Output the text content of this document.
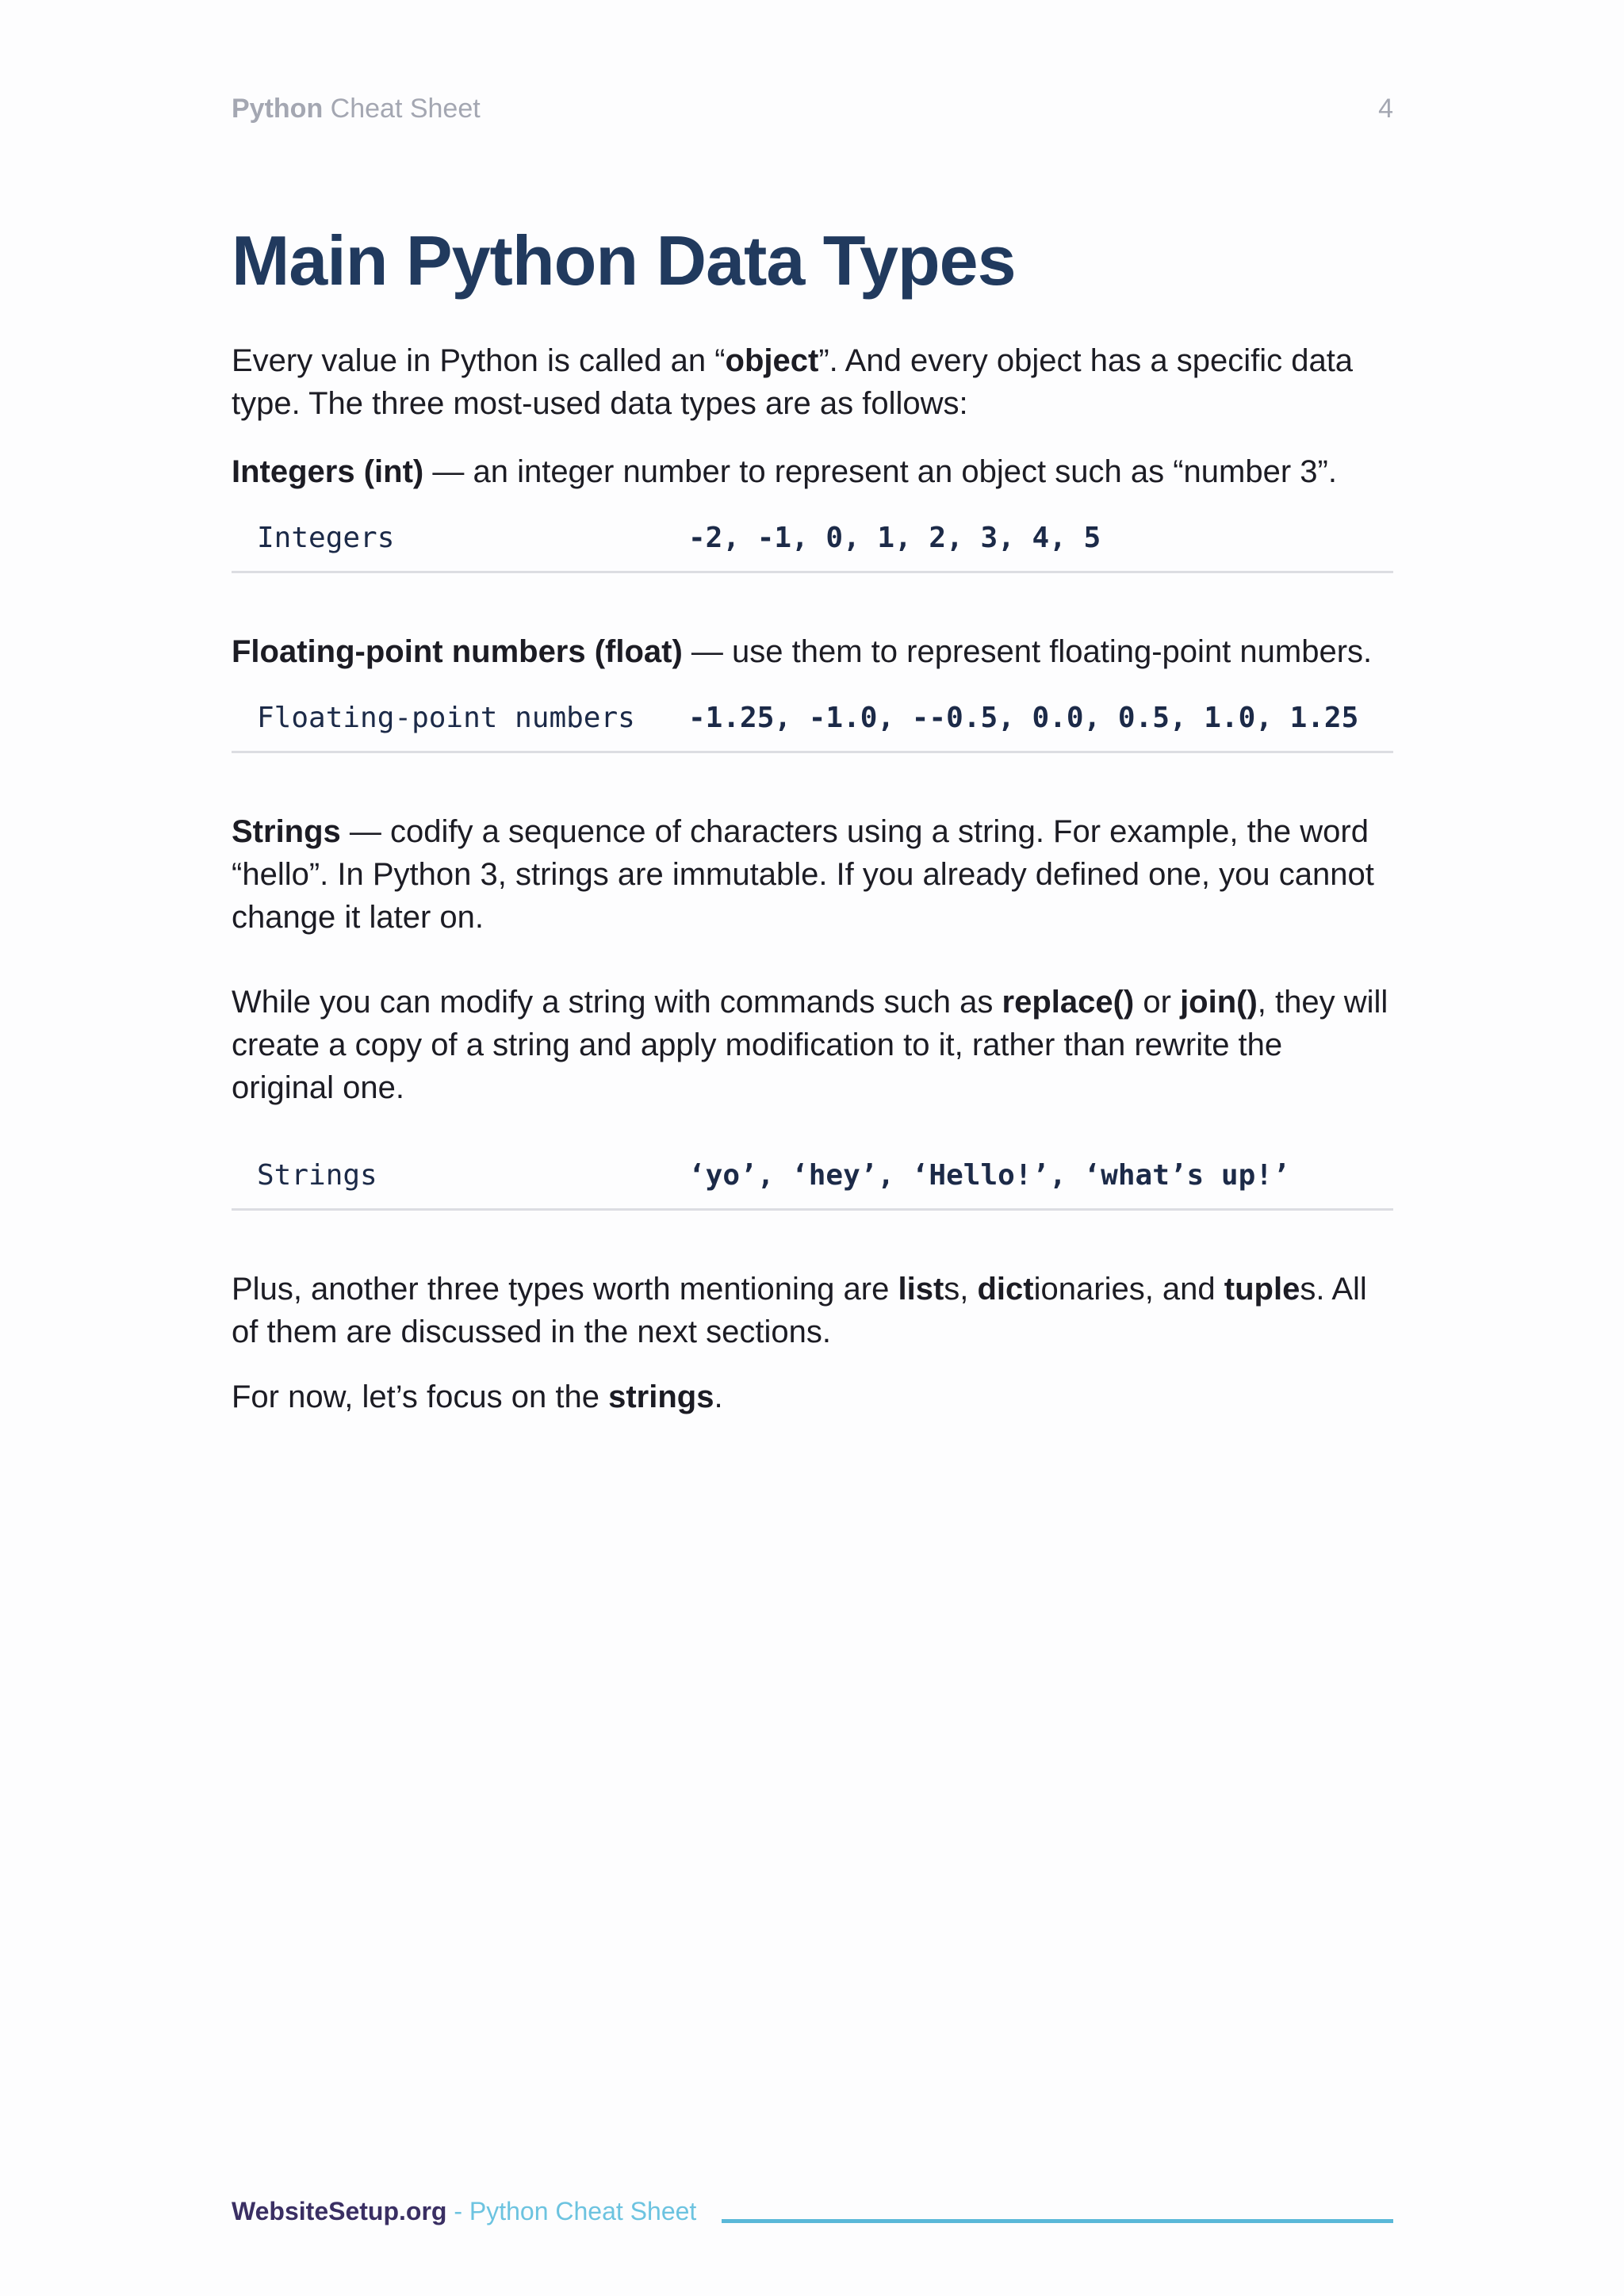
Python Cheat Sheet	4
Main Python Data Types

Every value in Python is called an “object”. And every object has a specific data type. The three most-used data types are as follows:

Integers (int) — an integer number to represent an object such as “number 3”.

Integers	-2, -1, 0, 1, 2, 3, 4, 5

Floating-point numbers (float) — use them to represent floating-point numbers.

Floating-point numbers -1.25, -1.0, --0.5, 0.0, 0.5, 1.0, 1.25

Strings — codify a sequence of characters using a string. For example, the word “hello”. In Python 3, strings are immutable. If you already defined one, you cannot change it later on.

While you can modify a string with commands such as replace() or join(), they will create a copy of a string and apply modification to it, rather than rewrite the original one.

Strings	‘yo’, ‘hey’, ‘Hello!’, ‘what’s up!’

Plus, another three types worth mentioning are lists, dictionaries, and tuples. All of them are discussed in the next sections.

For now, let’s focus on the strings.

WebsiteSetup.org - Python Cheat Sheet
